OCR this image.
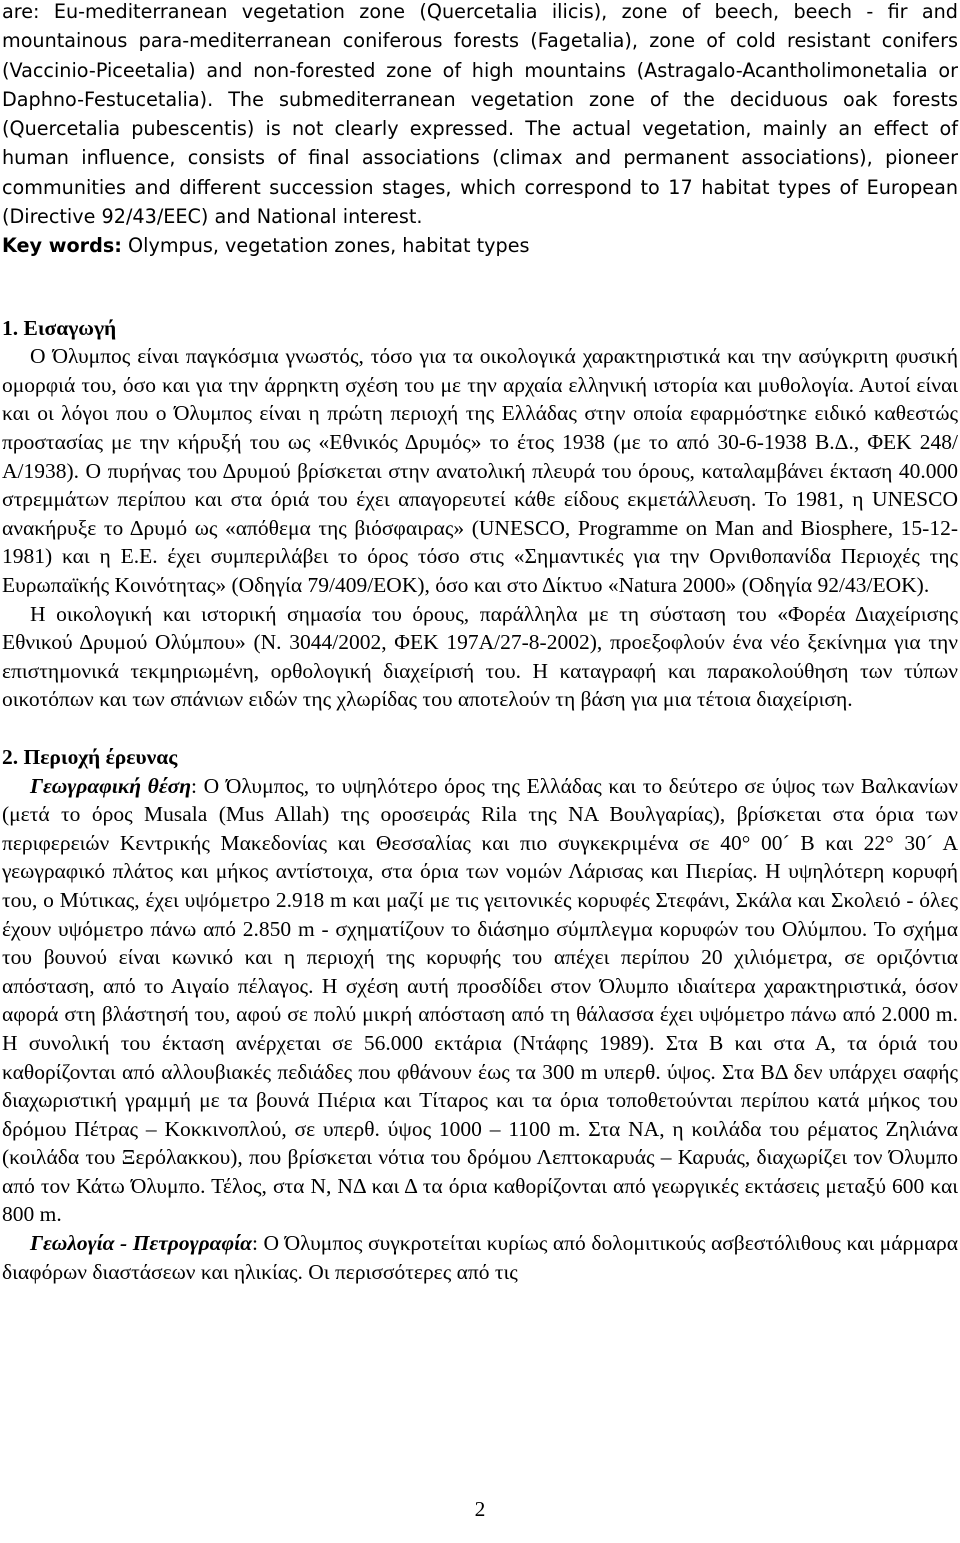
are: Eu-mediterranean vegetation zone (Quercetalia ilicis), zone of beech, beech - fir and mountainous para-mediterranean coniferous forests (Fagetalia), zone of cold resistant conifers (Vaccinio-Piceetalia) and non-forested zone of high mountains (Astragalo-Acantholimonetalia or Daphno-Festucetalia). The submediterranean vegetation zone of the deciduous oak forests (Quercetalia pubescentis) is not clearly expressed. The actual vegetation, mainly an effect of human influence, consists of final associations (climax and permanent associations), pioneer communities and different succession stages, which correspond to 17 habitat types of European (Directive 92/43/EEC) and National interest.

Key words: Olympus, vegetation zones, habitat types

1. Εισαγωγή

Ο Όλυμπος είναι παγκόσμια γνωστός, τόσο για τα οικολογικά χαρακτηριστικά και την ασύγκριτη φυσική ομορφιά του, όσο και για την άρρηκτη σχέση του με την αρχαία ελληνική ιστορία και μυθολογία. Αυτοί είναι και οι λόγοι που ο Όλυμπος είναι η πρώτη περιοχή της Ελλάδας στην οποία εφαρμόστηκε ειδικό καθεστώς προστασίας με την κήρυξή του ως «Εθνικός Δρυμός» το έτος 1938 (με το από 30-6-1938 Β.Δ., ΦΕΚ 248/Α/1938). Ο πυρήνας του Δρυμού βρίσκεται στην ανατολική πλευρά του όρους, καταλαμβάνει έκταση 40.000 στρεμμάτων περίπου και στα όριά του έχει απαγορευτεί κάθε είδους εκμετάλλευση. Το 1981, η UNESCO ανακήρυξε το Δρυμό ως «απόθεμα της βιόσφαιρας» (UNESCO, Programme on Man and Biosphere, 15-12-1981) και η Ε.Ε. έχει συμπεριλάβει το όρος τόσο στις «Σημαντικές για την Ορνιθοπανίδα Περιοχές της Ευρωπαϊκής Κοινότητας» (Οδηγία 79/409/ΕΟΚ), όσο και στο Δίκτυο «Natura 2000» (Οδηγία 92/43/ΕΟΚ).

Η οικολογική και ιστορική σημασία του όρους, παράλληλα με τη σύσταση του «Φορέα Διαχείρισης Εθνικού Δρυμού Ολύμπου» (Ν. 3044/2002, ΦΕΚ 197Α/27-8-2002), προεξοφλούν ένα νέο ξεκίνημα για την επιστημονικά τεκμηριωμένη, ορθολογική διαχείρισή του. Η καταγραφή και παρακολούθηση των τύπων οικοτόπων και των σπάνιων ειδών της χλωρίδας του αποτελούν τη βάση για μια τέτοια διαχείριση.

2. Περιοχή έρευνας

Γεωγραφική θέση: Ο Όλυμπος, το υψηλότερο όρος της Ελλάδας και το δεύτερο σε ύψος των Βαλκανίων (μετά το όρος Musala (Mus Allah) της οροσειράς Rila της ΝΑ Βουλγαρίας), βρίσκεται στα όρια των περιφερειών Κεντρικής Μακεδονίας και Θεσσαλίας και πιο συγκεκριμένα σε 40° 00´ Β και 22° 30´ Α γεωγραφικό πλάτος και μήκος αντίστοιχα, στα όρια των νομών Λάρισας και Πιερίας. Η υψηλότερη κορυφή του, ο Μύτικας, έχει υψόμετρο 2.918 m και μαζί με τις γειτονικές κορυφές Στεφάνι, Σκάλα και Σκολειό - όλες έχουν υψόμετρο πάνω από 2.850 m - σχηματίζουν το διάσημο σύμπλεγμα κορυφών του Ολύμπου. Το σχήμα του βουνού είναι κωνικό και η περιοχή της κορυφής του απέχει περίπου 20 χιλιόμετρα, σε οριζόντια απόσταση, από το Αιγαίο πέλαγος. Η σχέση αυτή προσδίδει στον Όλυμπο ιδιαίτερα χαρακτηριστικά, όσον αφορά στη βλάστησή του, αφού σε πολύ μικρή απόσταση από τη θάλασσα έχει υψόμετρο πάνω από 2.000 m. Η συνολική του έκταση ανέρχεται σε 56.000 εκτάρια (Ντάφης 1989). Στα Β και στα Α, τα όριά του καθορίζονται από αλλουβιακές πεδιάδες που φθάνουν έως τα 300 m υπερθ. ύψος. Στα ΒΔ δεν υπάρχει σαφής διαχωριστική γραμμή με τα βουνά Πιέρια και Τίταρος και τα όρια τοποθετούνται περίπου κατά μήκος του δρόμου Πέτρας – Κοκκινοπλού, σε υπερθ. ύψος 1000 – 1100 m. Στα ΝΑ, η κοιλάδα του ρέματος Ζηλιάνα (κοιλάδα του Ξερόλακκου), που βρίσκεται νότια του δρόμου Λεπτοκαρυάς – Καρυάς, διαχωρίζει τον Όλυμπο από τον Κάτω Όλυμπο. Τέλος, στα Ν, ΝΔ και Δ τα όρια καθορίζονται από γεωργικές εκτάσεις μεταξύ 600 και 800 m.

Γεωλογία - Πετρογραφία: Ο Όλυμπος συγκροτείται κυρίως από δολομιτικούς ασβεστόλιθους και μάρμαρα διαφόρων διαστάσεων και ηλικίας. Οι περισσότερες από τις

2
